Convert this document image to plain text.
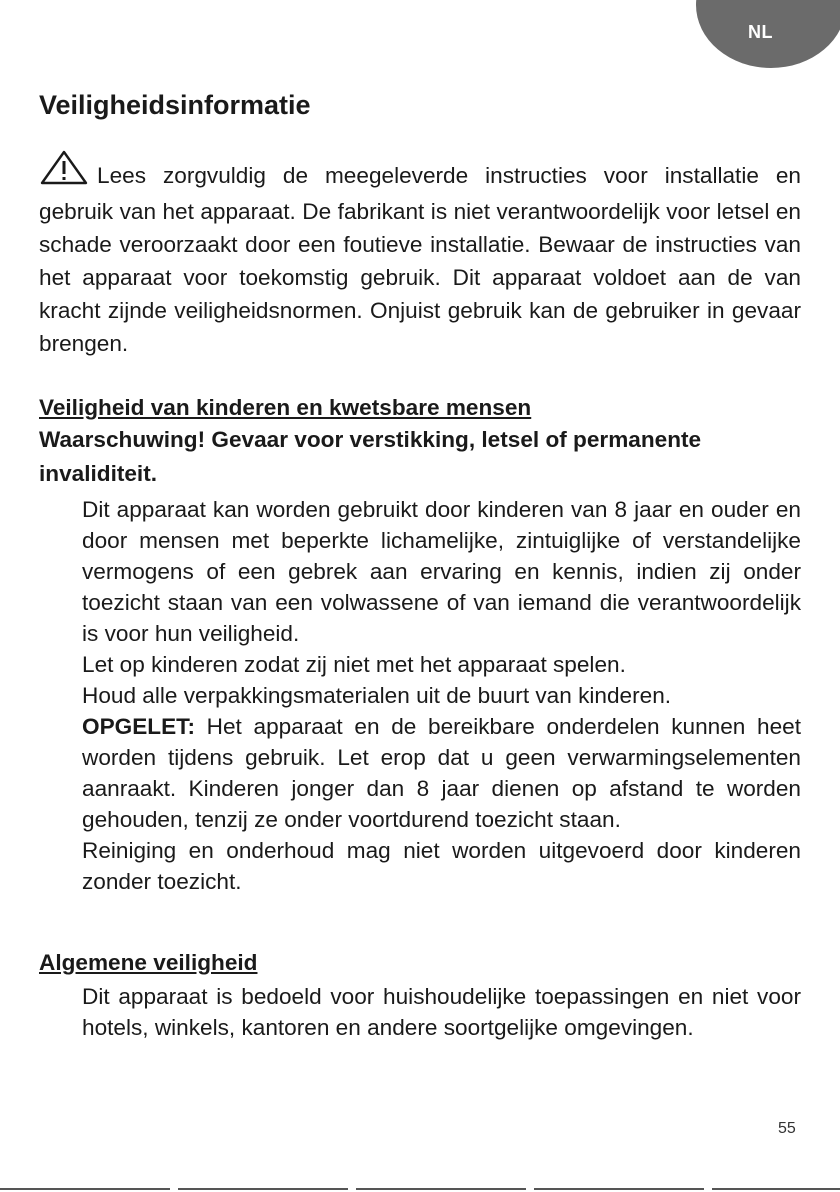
NL
Veiligheidsinformatie

Lees zorgvuldig de meegeleverde instructies voor installatie en gebruik van het apparaat. De fabrikant is niet verantwoordelijk voor letsel en schade veroorzaakt door een foutieve installatie. Bewaar de instructies van het apparaat voor toekomstig gebruik. Dit apparaat voldoet aan de van kracht zijnde veiligheidsnormen. Onjuist gebruik kan de gebruiker in gevaar brengen.

Veiligheid van kinderen en kwetsbare mensen

Waarschuwing! Gevaar voor verstikking, letsel of permanente invaliditeit.

Dit apparaat kan worden gebruikt door kinderen van 8 jaar en ouder en door mensen met beperkte lichamelijke, zintuiglijke of verstandelijke vermogens of een gebrek aan ervaring en kennis, indien zij onder toezicht staan van een volwassene of van iemand die verantwoordelijk is voor hun veiligheid.

Let op kinderen zodat zij niet met het apparaat spelen.

Houd alle verpakkingsmaterialen uit de buurt van kinderen.

OPGELET: Het apparaat en de bereikbare onderdelen kunnen heet worden tijdens gebruik. Let erop dat u geen verwarmingselementen aanraakt. Kinderen jonger dan 8 jaar dienen op afstand te worden gehouden, tenzij ze onder voortdurend toezicht staan.

Reiniging en onderhoud mag niet worden uitgevoerd door kinderen zonder toezicht.

Algemene veiligheid

Dit apparaat is bedoeld voor huishoudelijke toepassingen en niet voor hotels, winkels, kantoren en andere soortgelijke omgevingen.

55
